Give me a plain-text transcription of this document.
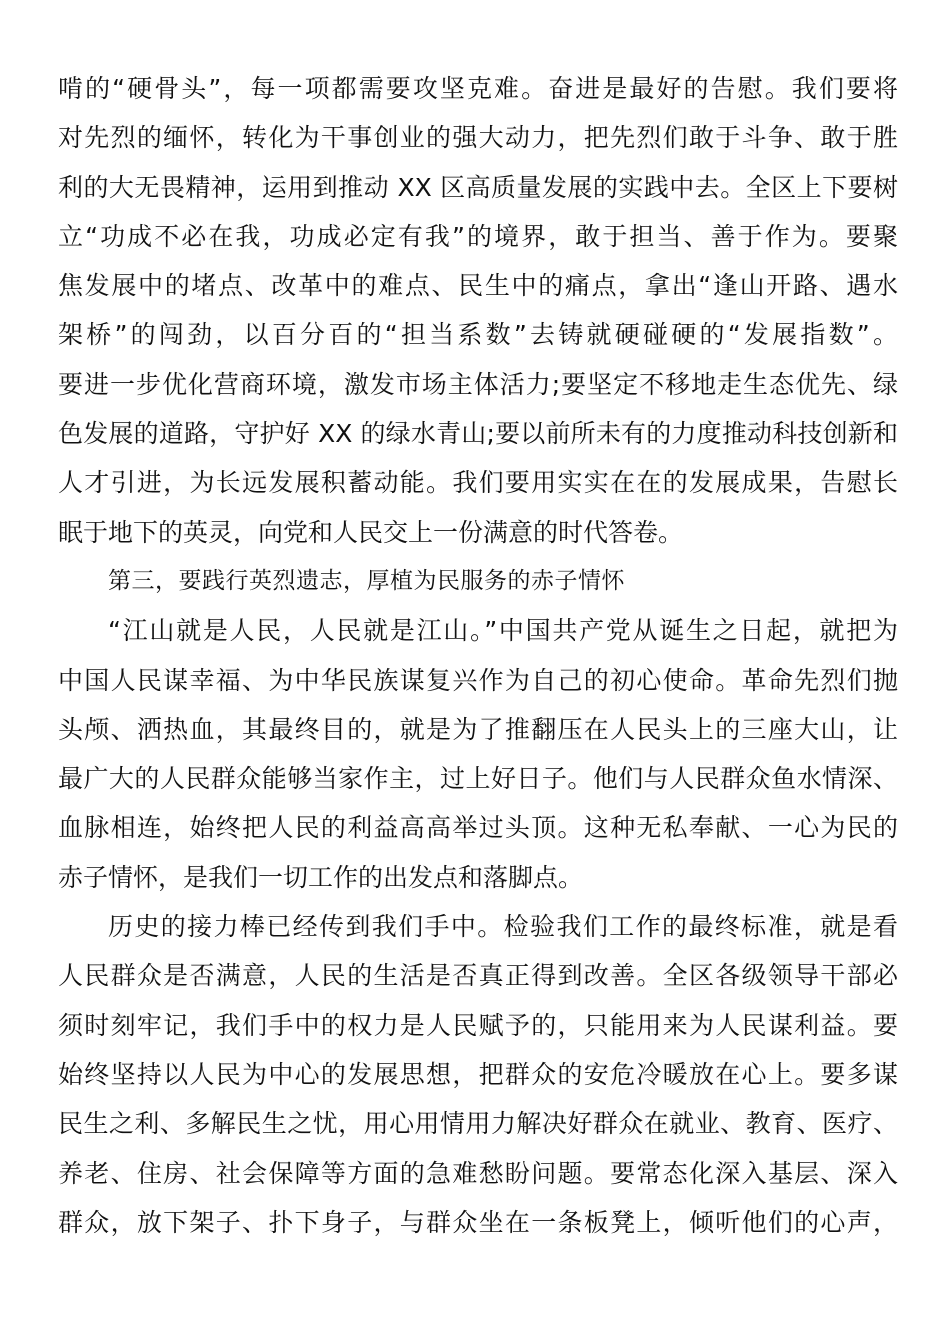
啃的“硬骨头”，每一项都需要攻坚克难。奋进是最好的告慰。我们要将
对先烈的缅怀，转化为干事创业的强大动力，把先烈们敢于斗争、敢于胜
利的大无畏精神，运用到推动 XX 区高质量发展的实践中去。全区上下要树
立“功成不必在我，功成必定有我”的境界，敢于担当、善于作为。要聚
焦发展中的堵点、改革中的难点、民生中的痛点，拿出“逢山开路、遇水
架桥”的闯劲，以百分百的“担当系数”去铸就硬碰硬的“发展指数”。
要进一步优化营商环境，激发市场主体活力;要坚定不移地走生态优先、绿
色发展的道路，守护好 XX 的绿水青山;要以前所未有的力度推动科技创新和
人才引进，为长远发展积蓄动能。我们要用实实在在的发展成果，告慰长
眠于地下的英灵，向党和人民交上一份满意的时代答卷。
第三，要践行英烈遗志，厚植为民服务的赤子情怀
“江山就是人民，人民就是江山。”中国共产党从诞生之日起，就把为
中国人民谋幸福、为中华民族谋复兴作为自己的初心使命。革命先烈们抛
头颅、洒热血，其最终目的，就是为了推翻压在人民头上的三座大山，让
最广大的人民群众能够当家作主，过上好日子。他们与人民群众鱼水情深、
血脉相连，始终把人民的利益高高举过头顶。这种无私奉献、一心为民的
赤子情怀，是我们一切工作的出发点和落脚点。
历史的接力棒已经传到我们手中。检验我们工作的最终标准，就是看
人民群众是否满意，人民的生活是否真正得到改善。全区各级领导干部必
须时刻牢记，我们手中的权力是人民赋予的，只能用来为人民谋利益。要
始终坚持以人民为中心的发展思想，把群众的安危冷暖放在心上。要多谋
民生之利、多解民生之忧，用心用情用力解决好群众在就业、教育、医疗、
养老、住房、社会保障等方面的急难愁盼问题。要常态化深入基层、深入
群众，放下架子、扑下身子，与群众坐在一条板凳上，倾听他们的心声，
